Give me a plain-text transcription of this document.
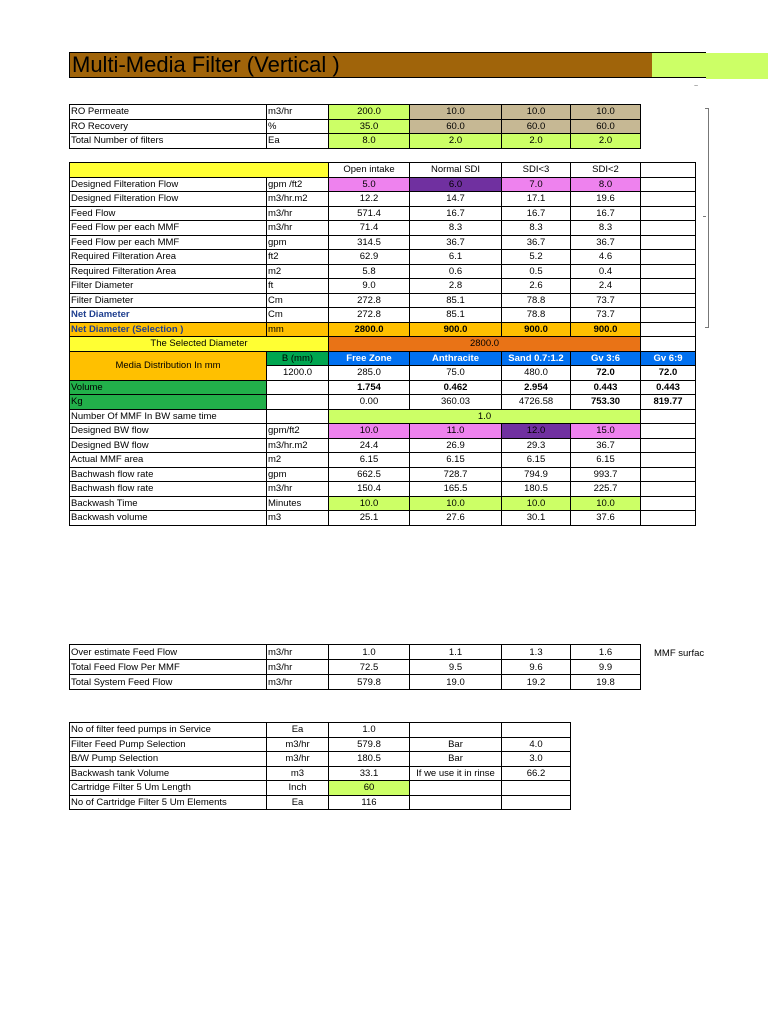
Multi-Media Filter (Vertical )
~
RO Permeate	m3/hr	200.0	10.0	10.0	10.0
RO Recovery	%	35.0	60.0	60.0	60.0
Total Number of filters	Ea	8.0	2.0	2.0	2.0
		Open intake	Normal SDI	SDI<3	SDI<2	
Designed Filteration Flow	gpm /ft2	5.0	6.0	7.0	8.0	
Designed Filteration Flow	m3/hr.m2	12.2	14.7	17.1	19.6	
Feed Flow	m3/hr	571.4	16.7	16.7	16.7	
Feed Flow per each MMF	m3/hr	71.4	8.3	8.3	8.3	
Feed Flow per each MMF	gpm	314.5	36.7	36.7	36.7	
Required Filteration Area	ft2	62.9	6.1	5.2	4.6	
Required Filteration Area	m2	5.8	0.6	0.5	0.4	
Filter Diameter	ft	9.0	2.8	2.6	2.4	
Filter Diameter	Cm	272.8	85.1	78.8	73.7	
Net Diameter	Cm	272.8	85.1	78.8	73.7	
Net Diameter (Selection )	mm	2800.0	900.0	900.0	900.0	
The Selected Diameter		2800.0				
Media Distribution In mm	B (mm)	Free Zone	Anthracite	Sand 0.7:1.2	Gv 3:6	Gv 6:9
	1200.0	285.0	75.0	480.0	72.0	72.0
Volume		1.754	0.462	2.954	0.443	0.443
Kg		0.00	360.03	4726.58	753.30	819.77
Number Of MMF In BW same time		1.0				
Designed BW flow	gpm/ft2	10.0	11.0	12.0	15.0	
Designed BW flow	m3/hr.m2	24.4	26.9	29.3	36.7	
Actual MMF area	m2	6.15	6.15	6.15	6.15	
Bachwash flow rate	gpm	662.5	728.7	794.9	993.7	
Bachwash flow rate	m3/hr	150.4	165.5	180.5	225.7	
Backwash Time	Minutes	10.0	10.0	10.0	10.0	
Backwash volume	m3	25.1	27.6	30.1	37.6	
Over estimate Feed Flow	m3/hr	1.0	1.1	1.3	1.6
Total Feed Flow Per MMF	m3/hr	72.5	9.5	9.6	9.9
Total System Feed Flow	m3/hr	579.8	19.0	19.2	19.8
MMF surfac
No of filter feed pumps in Service	Ea	1.0		
Filter Feed Pump Selection	m3/hr	579.8	Bar	4.0
B/W Pump Selection	m3/hr	180.5	Bar	3.0
Backwash tank Volume	m3	33.1	If we use it in rinse	66.2
Cartridge Filter 5 Um Length	Inch	60		
No of Cartridge Filter 5 Um Elements	Ea	116		
